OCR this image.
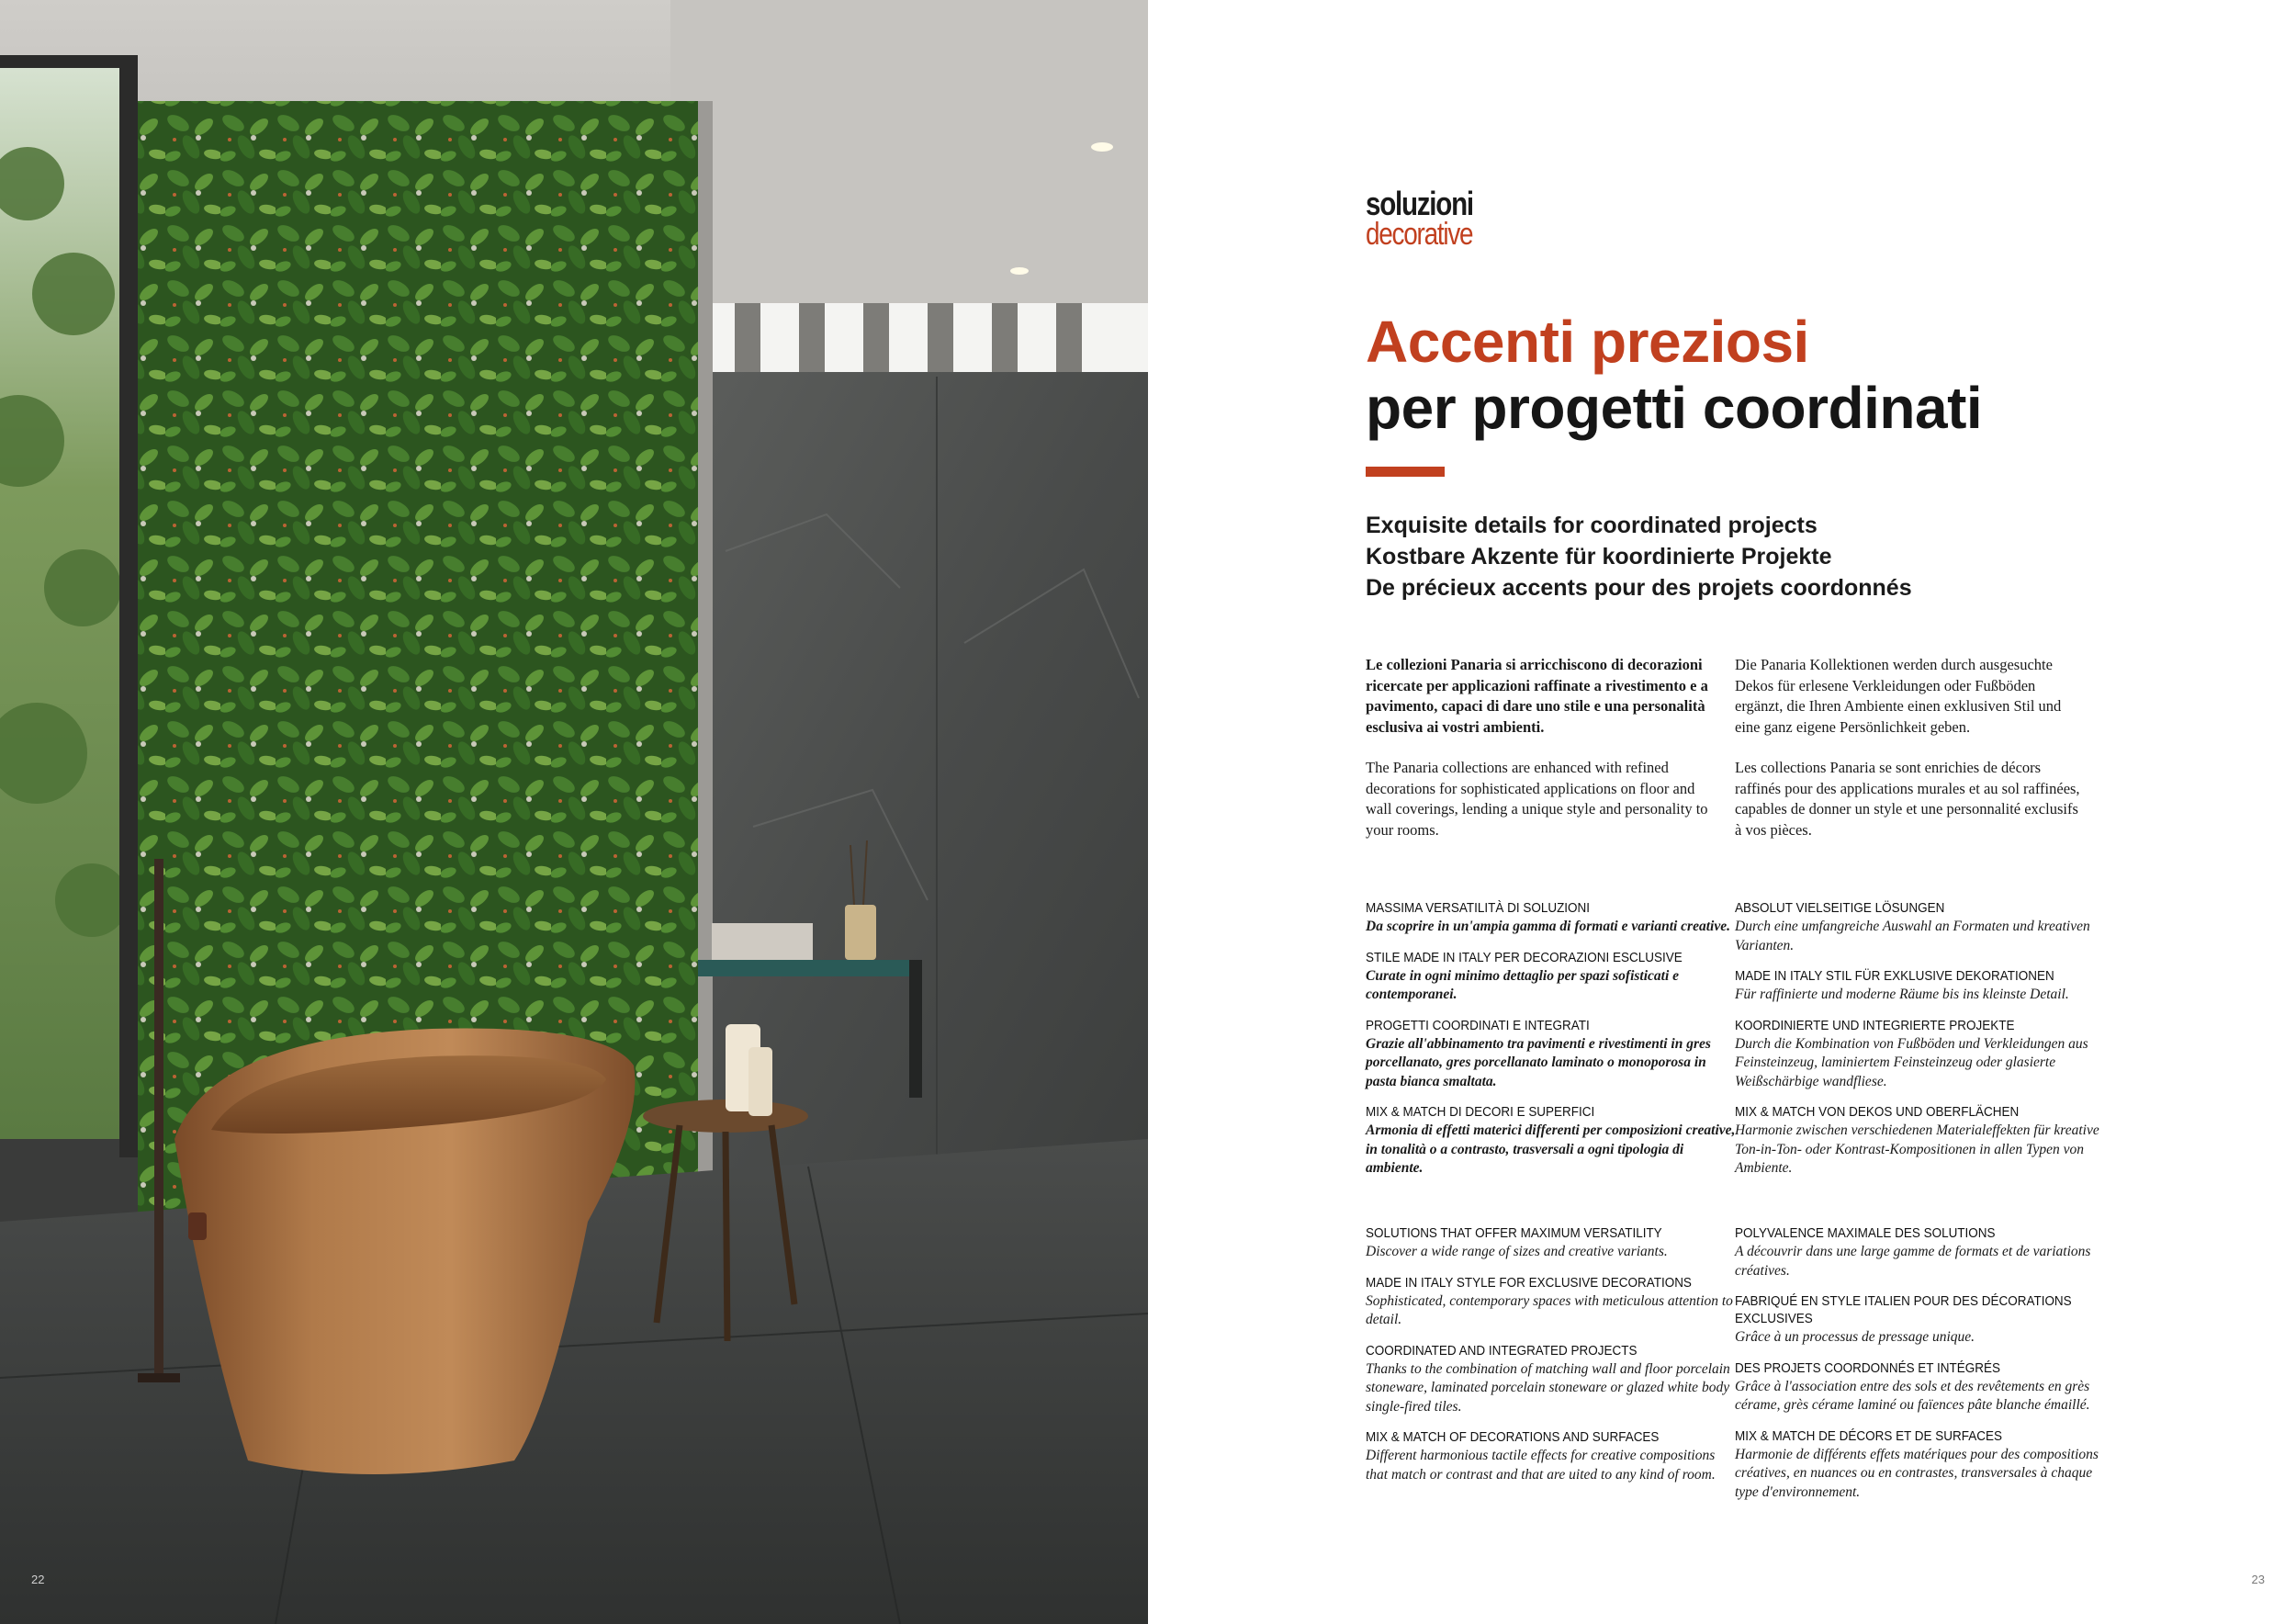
22
soluzioni
decorative
Accenti preziosi
per progetti coordinati
Exquisite details for coordinated projects
Kostbare Akzente für koordinierte Projekte
De précieux accents pour des projets coordonnés

Le collezioni Panaria si arricchiscono di decorazioni ricercate per applicazioni raffinate a rivestimento e a pavimento, capaci di dare uno stile e una personalità esclusiva ai vostri ambienti.

The Panaria collections are enhanced with refined decorations for sophisticated applications on floor and wall coverings, lending a unique style and personality to your rooms.

Die Panaria Kollektionen werden durch ausgesuchte Dekos für erlesene Verkleidungen oder Fußböden ergänzt, die Ihren Ambiente einen exklusiven Stil und eine ganz eigene Persönlichkeit geben.

Les collections Panaria se sont enrichies de décors raffinés pour des applications murales et au sol raffinées, capables de donner un style et une personnalité exclusifs à vos pièces.

MASSIMA VERSATILITÀ DI SOLUZIONI
Da scoprire in un'ampia gamma di formati e varianti creative.
STILE MADE IN ITALY PER DECORAZIONI ESCLUSIVE
Curate in ogni minimo dettaglio per spazi sofisticati e contemporanei.
PROGETTI COORDINATI E INTEGRATI
Grazie all'abbinamento tra pavimenti e rivestimenti in gres porcellanato, gres porcellanato laminato o monoporosa in pasta bianca smaltata.
MIX & MATCH DI DECORI E SUPERFICI
Armonia di effetti materici differenti per composizioni creative, in tonalità o a contrasto, trasversali a ogni tipologia di ambiente.
ABSOLUT VIELSEITIGE LÖSUNGEN
Durch eine umfangreiche Auswahl an Formaten und kreativen Varianten.
MADE IN ITALY STIL FÜR EXKLUSIVE DEKORATIONEN
Für raffinierte und moderne Räume bis ins kleinste Detail.
KOORDINIERTE UND INTEGRIERTE PROJEKTE
Durch die Kombination von Fußböden und Verkleidungen aus Feinsteinzeug, laminiertem Feinsteinzeug oder glasierte Weißschärbige wandfliese.
MIX & MATCH VON DEKOS UND OBERFLÄCHEN
Harmonie zwischen verschiedenen Materialeffekten für kreative Ton-in-Ton- oder Kontrast-Kompositionen in allen Typen von Ambiente.
SOLUTIONS THAT OFFER MAXIMUM VERSATILITY
Discover a wide range of sizes and creative variants.
MADE IN ITALY STYLE FOR EXCLUSIVE DECORATIONS
Sophisticated, contemporary spaces with meticulous attention to detail.
COORDINATED AND INTEGRATED PROJECTS
Thanks to the combination of matching wall and floor porcelain stoneware, laminated porcelain stoneware or glazed white body single-fired tiles.
MIX & MATCH OF DECORATIONS AND SURFACES
Different harmonious tactile effects for creative compositions that match or contrast and that are uited to any kind of room.
POLYVALENCE MAXIMALE DES SOLUTIONS
A découvrir dans une large gamme de formats et de variations créatives.
FABRIQUÉ EN STYLE ITALIEN POUR DES DÉCORATIONS EXCLUSIVES
Grâce à un processus de pressage unique.
DES PROJETS COORDONNÉS ET INTÉGRÉS
Grâce à l'association entre des sols et des revêtements en grès cérame, grès cérame laminé ou faïences pâte blanche émaillé.
MIX & MATCH DE DÉCORS ET DE SURFACES
Harmonie de différents effets matériques pour des compositions créatives, en nuances ou en contrastes, transversales à chaque type d'environnement.
23
